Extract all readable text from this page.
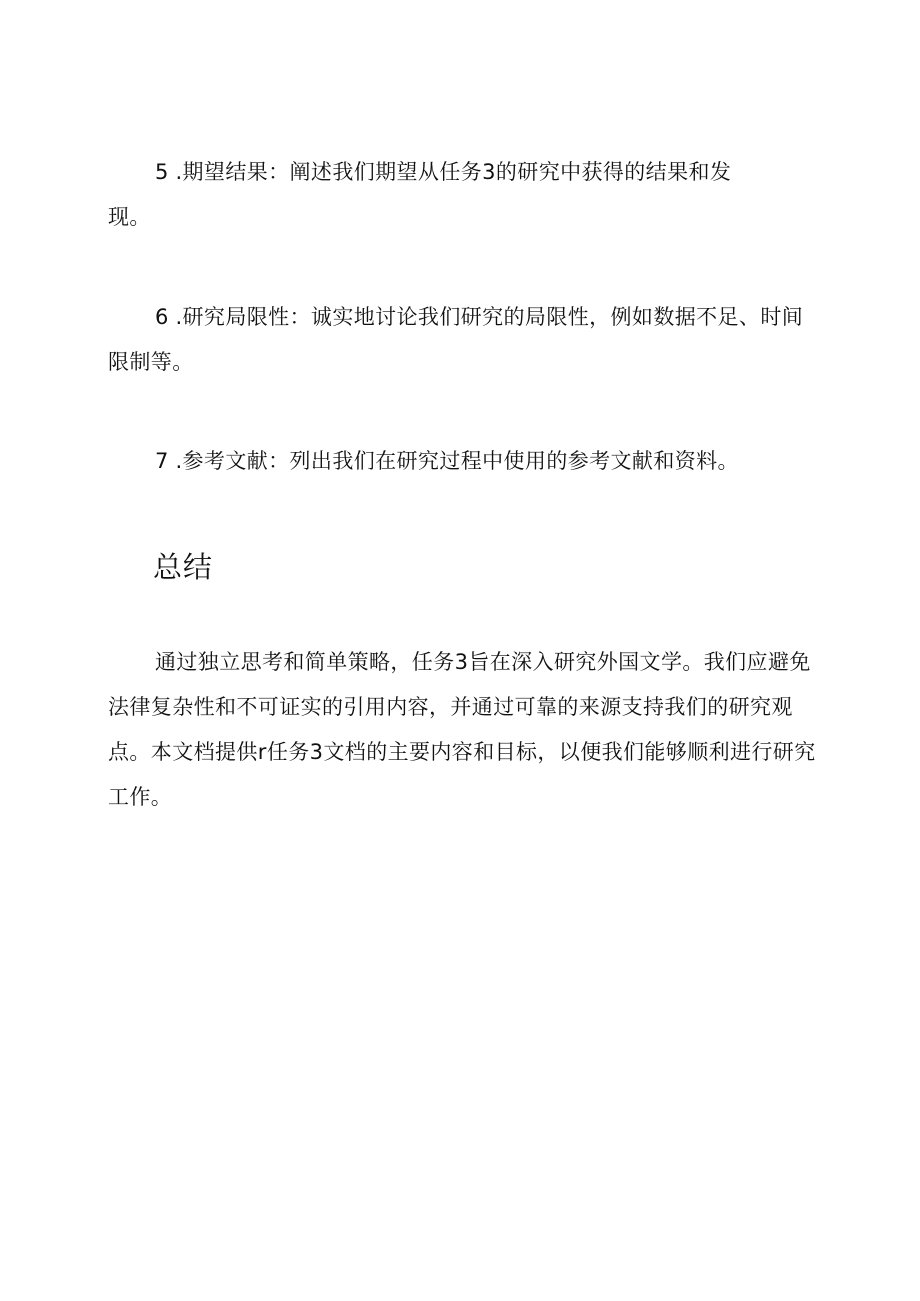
5 .期望结果：阐述我们期望从任务3的研究中获得的结果和发现。

6 .研究局限性：诚实地讨论我们研究的局限性，例如数据不足、时间限制等。

7 .参考文献：列出我们在研究过程中使用的参考文献和资料。

总结

通过独立思考和简单策略，任务3旨在深入研究外国文学。我们应避免法律复杂性和不可证实的引用内容，并通过可靠的来源支持我们的研究观点。本文档提供r任务3文档的主要内容和目标，以便我们能够顺利进行研究工作。
